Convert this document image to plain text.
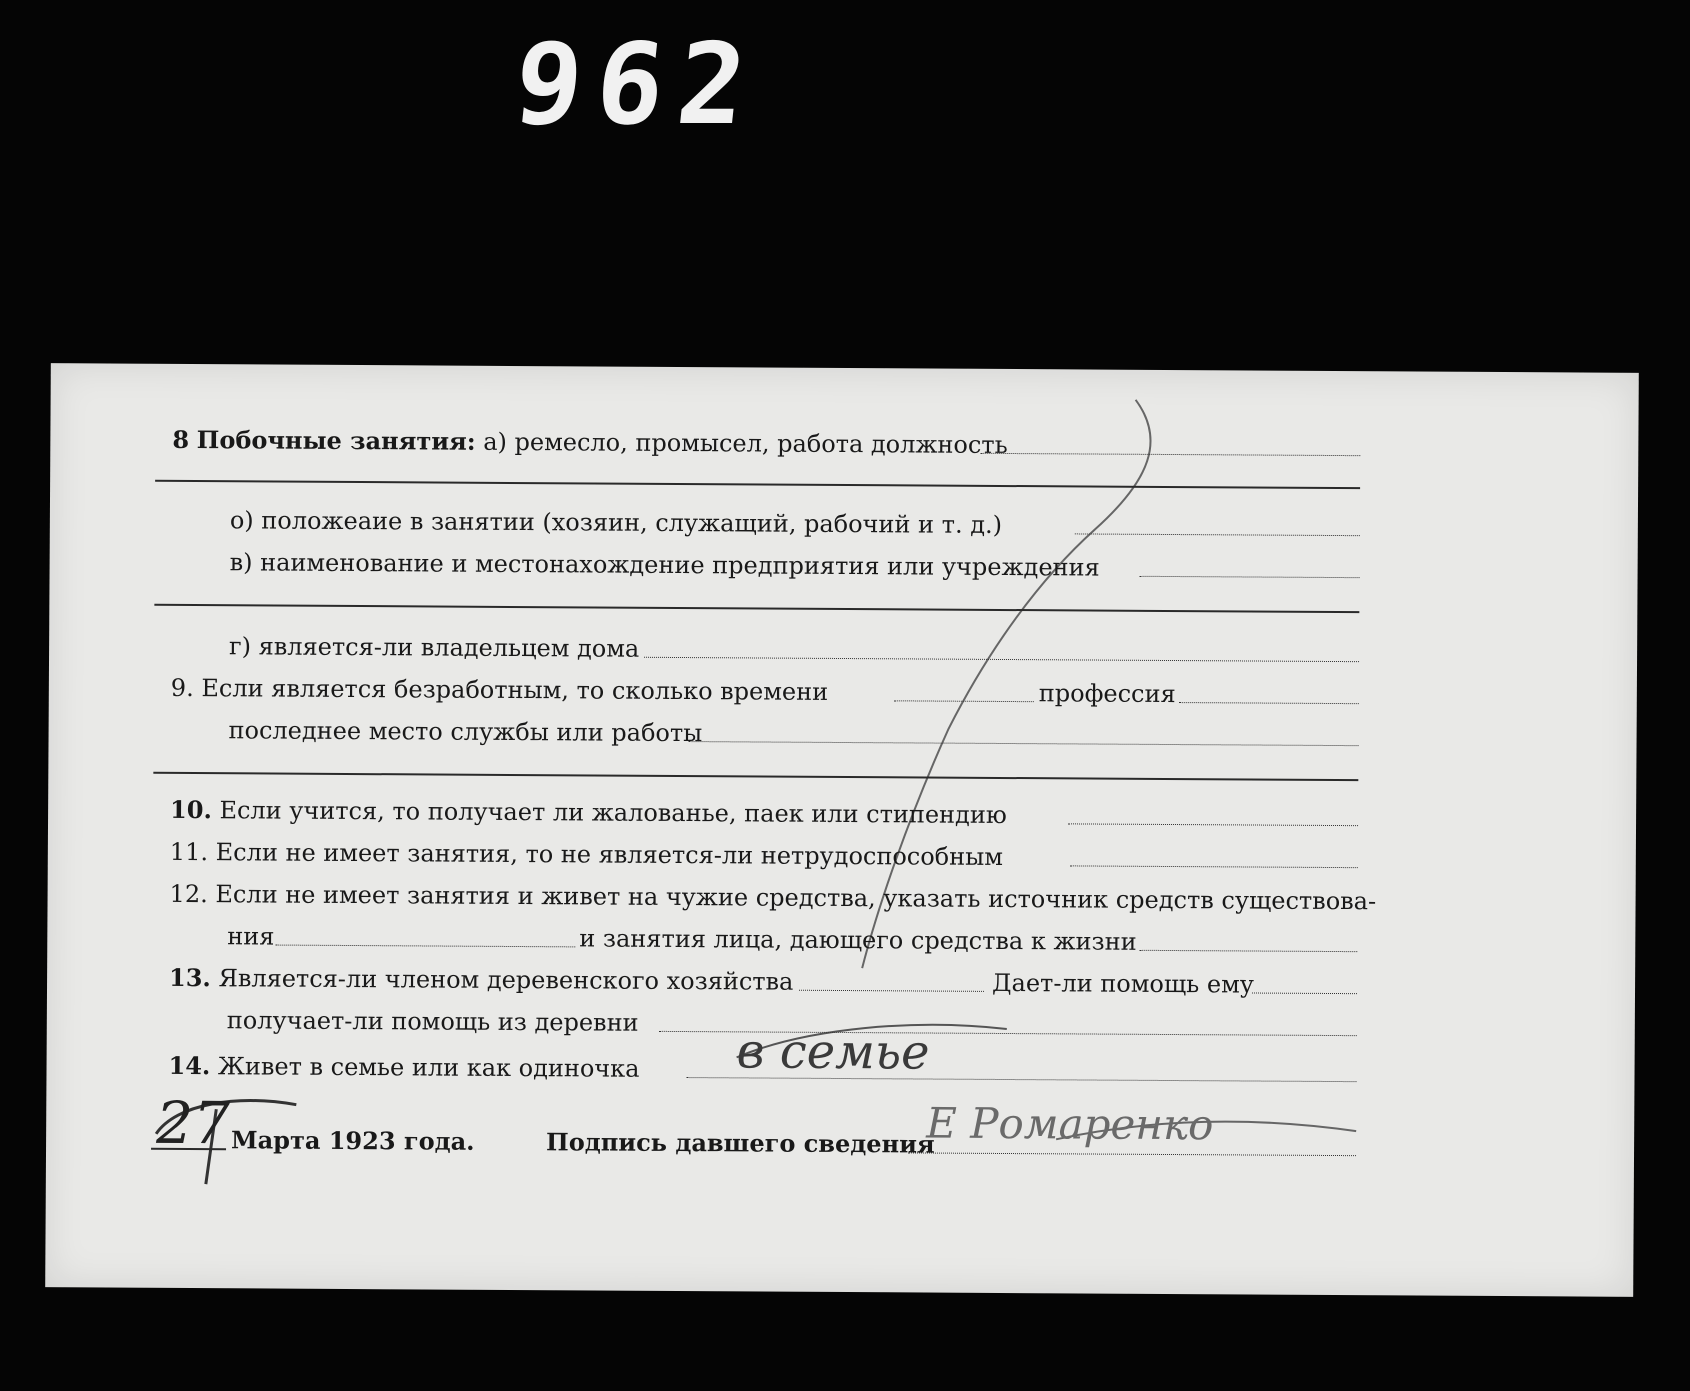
962
8 Побочные занятия: а) ремесло, промысел, работа должность
о) положеаие в занятии (хозяин, служащий, рабочий и т. д.)
в) наименование и местонахождение предприятия или учреждения
г) является-ли владельцем дома
9. Если является безработным, то сколько времени	профессия
последнее место службы или работы
10. Если учится, то получает ли жалованье, паек или стипендию
11. Если не имеет занятия, то не является-ли нетрудоспособным
12. Если не имеет занятия и живет на чужие средства, указать источник средств существова-
ния	и занятия лица, дающего средства к жизни
13. Является-ли членом деревенского хозяйства	Дает-ли помощь ему
получает-ли помощь из деревни
14. Живет в семье или как одиночка в семье
27 Марта 1923 года.	Подпись давшего сведения
Е Ромаренко
